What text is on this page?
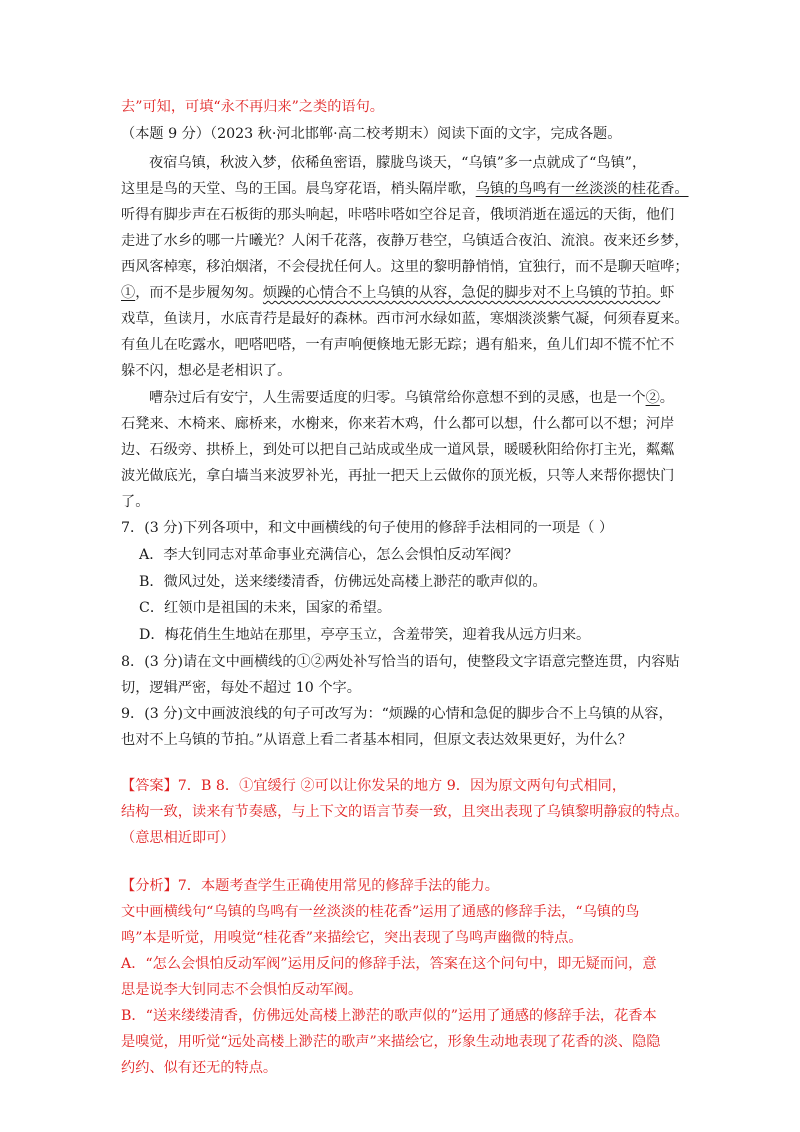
去”可知，可填“永不再归来”之类的语句。
（本题 9 分）（2023 秋·河北邯郸·高二校考期末）阅读下面的文字，完成各题。
夜宿乌镇，秋波入梦，依稀鱼密语，朦胧鸟谈天，“乌镇”多一点就成了“鸟镇”，
这里是鸟的天堂、鸟的王国。晨鸟穿花语，梢头隔岸歌，乌镇的鸟鸣有一丝淡淡的桂花香。
听得有脚步声在石板街的那头响起，咔嗒咔嗒如空谷足音，俄顷消逝在遥远的天街，他们
走进了水乡的哪一片曦光？人闲千花落，夜静万巷空，乌镇适合夜泊、流浪。夜来还乡梦，
西风客棹寒，移泊烟渚，不会侵扰任何人。这里的黎明静悄悄，宜独行，而不是聊天喧哗；
①，而不是步履匆匆。烦躁的心情合不上乌镇的从容，急促的脚步对不上乌镇的节拍。虾
戏草，鱼读月，水底青荇是最好的森林。西市河水绿如蓝，寒烟淡淡紫气凝，何须春夏来。
有鱼儿在吃露水，吧嗒吧嗒，一有声响便倏地无影无踪；遇有船来，鱼儿们却不慌不忙不
躲不闪，想必是老相识了。
嘈杂过后有安宁，人生需要适度的归零。乌镇常给你意想不到的灵感，也是一个②。
石凳来、木椅来、廊桥来，水榭来，你来若木鸡，什么都可以想，什么都可以不想；河岸
边、石级旁、拱桥上，到处可以把自己站成或坐成一道风景，暖暖秋阳给你打主光，粼粼
波光做底光，拿白墙当来波罗补光，再扯一把天上云做你的顶光板，只等人来帮你摁快门
了。
7．(3 分)下列各项中，和文中画横线的句子使用的修辞手法相同的一项是（ ）
A．李大钊同志对革命事业充满信心，怎么会惧怕反动军阀？
B．微风过处，送来缕缕清香，仿佛远处高楼上渺茫的歌声似的。
C．红领巾是祖国的未来，国家的希望。
D．梅花俏生生地站在那里，亭亭玉立，含羞带笑，迎着我从远方归来。
8．(3 分)请在文中画横线的①②两处补写恰当的语句，使整段文字语意完整连贯，内容贴
切，逻辑严密，每处不超过 10 个字。
9．(3 分)文中画波浪线的句子可改写为：“烦躁的心情和急促的脚步合不上乌镇的从容，
也对不上乌镇的节拍。”从语意上看二者基本相同，但原文表达效果更好，为什么？
【答案】7．B 8．①宜缓行 ②可以让你发呆的地方 9．因为原文两句句式相同，
结构一致，读来有节奏感，与上下文的语言节奏一致，且突出表现了乌镇黎明静寂的特点。
（意思相近即可）
【分析】7．本题考查学生正确使用常见的修辞手法的能力。
文中画横线句“乌镇的鸟鸣有一丝淡淡的桂花香”运用了通感的修辞手法，“乌镇的鸟
鸣”本是听觉，用嗅觉“桂花香”来描绘它，突出表现了鸟鸣声幽微的特点。
A．“怎么会惧怕反动军阀”运用反问的修辞手法，答案在这个问句中，即无疑而问，意
思是说李大钊同志不会惧怕反动军阀。
B．“送来缕缕清香，仿佛远处高楼上渺茫的歌声似的”运用了通感的修辞手法，花香本
是嗅觉，用听觉“远处高楼上渺茫的歌声”来描绘它，形象生动地表现了花香的淡、隐隐
约约、似有还无的特点。
